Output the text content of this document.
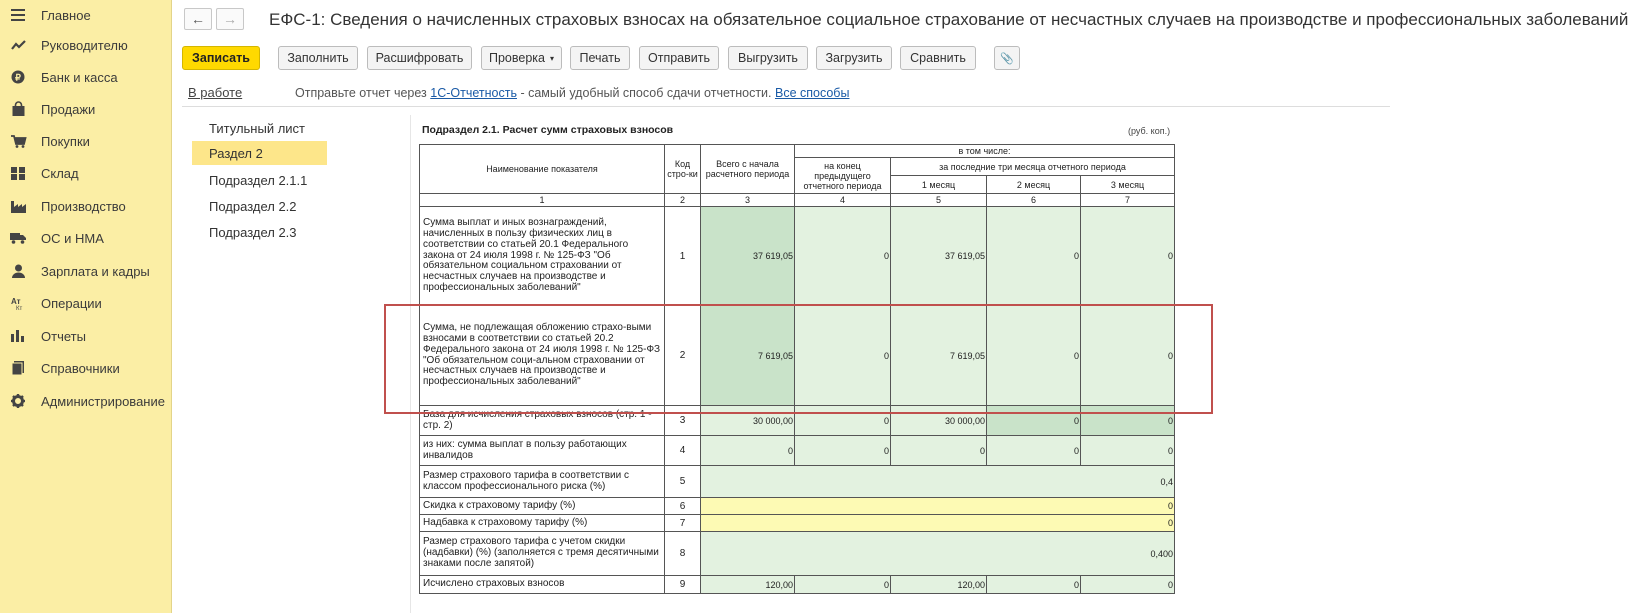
Главное
Руководителю
₽ Банк и касса
Продажи
Покупки
Склад
Производство
ОС и НМА
Зарплата и кадры
Ат
Кт Операции
Отчеты
Справочники
Администрирование
← → ЕФС-1: Сведения о начисленных страховых взносах на обязательное социальное страхование от несчастных случаев на производстве и профессиональных заболеваний
Записать	Заполнить	Расшифровать	Проверка ▾	Печать	Отправить	Выгрузить	Загрузить	Сравнить	📎
В работе	Отправьте отчет через 1С-Отчетность - самый удобный способ сдачи отчетности. Все способы
Титульный лист
Раздел 2
Подраздел 2.1.1
Подраздел 2.2
Подраздел 2.3
Подраздел 2.1. Расчет сумм страховых взносов	(руб. коп.)
Наименование показателя	Код стро-ки	Всего с начала расчетного периода	в том числе:			
			на конец предыдущего отчетного периода	за последние три месяца отчетного периода		
				1 месяц	2 месяц	3 месяц
1	2	3	4	5	6	7
Сумма выплат и иных вознаграждений, начисленных в пользу физических лиц в соответствии со статьей 20.1 Федерального закона от 24 июля 1998 г. № 125-ФЗ "Об обязательном социальном страховании от несчастных случаев на производстве и профессиональных заболеваний"	1	37 619,05	0	37 619,05	0	0
Сумма, не подлежащая обложению страхо-выми взносами в соответствии со статьей 20.2 Федерального закона от 24 июля 1998 г. № 125-ФЗ "Об обязательном соци-альном страховании от несчастных случаев на производстве и профессиональных заболеваний"	2	7 619,05	0	7 619,05	0	0
База для исчисления страховых взносов (стр. 1 - стр. 2)	3	30 000,00	0	30 000,00	0	0
из них: сумма выплат в пользу работающих инвалидов	4	0	0	0	0	0
Размер страхового тарифа в соответствии с классом профессионального риска (%)	5	0,4				
Скидка к страховому тарифу (%)	6	0				
Надбавка к страховому тарифу (%)	7	0				
Размер страхового тарифа с учетом скидки (надбавки) (%) (заполняется с тремя десятичными знаками после запятой)	8	0,400				
Исчислено страховых взносов	9	120,00	0	120,00	0	0
